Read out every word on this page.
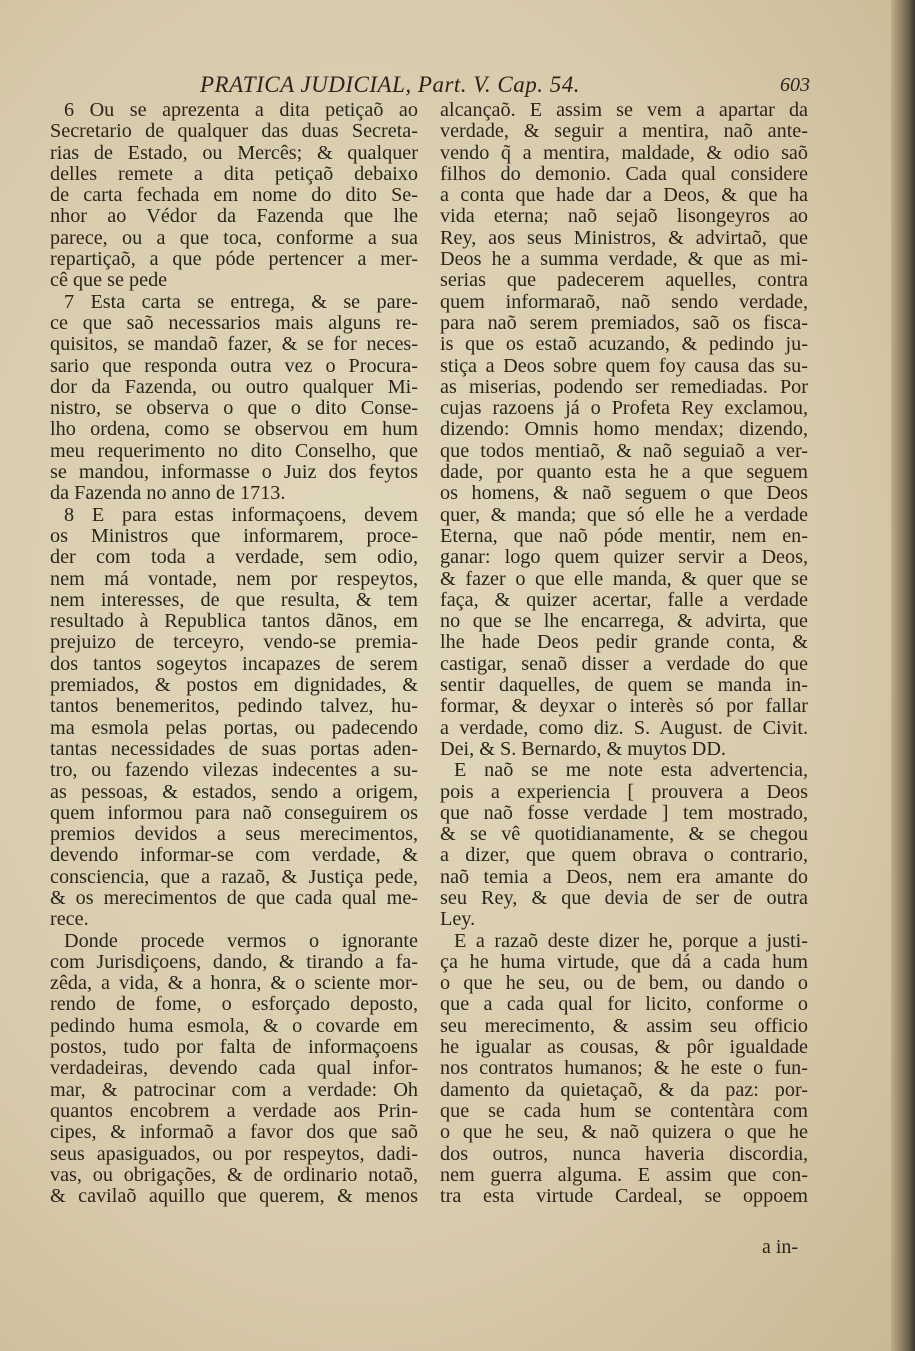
PRATICA JUDICIAL, Part. V. Cap. 54.	603
6 Ou se aprezenta a dita petiçaõ ao
Secretario de qualquer das duas Secreta-
rias de Estado, ou Mercês; & qualquer
delles remete a dita petiçaõ debaixo
de carta fechada em nome do dito Se-
nhor ao Védor da Fazenda que lhe
parece, ou a que toca, conforme a sua
repartiçaõ, a que póde pertencer a mer-
cê que se pede
7 Esta carta se entrega, & se pare-
ce que saõ necessarios mais alguns re-
quisitos, se mandaõ fazer, & se for neces-
sario que responda outra vez o Procura-
dor da Fazenda, ou outro qualquer Mi-
nistro, se observa o que o dito Conse-
lho ordena, como se observou em hum
meu requerimento no dito Conselho, que
se mandou, informasse o Juiz dos feytos
da Fazenda no anno de 1713.
8 E para estas informaçoens, devem
os Ministros que informarem, proce-
der com toda a verdade, sem odio,
nem má vontade, nem por respeytos,
nem interesses, de que resulta, & tem
resultado à Republica tantos dãnos, em
prejuizo de terceyro, vendo-se premia-
dos tantos sogeytos incapazes de serem
premiados, & postos em dignidades, &
tantos benemeritos, pedindo talvez, hu-
ma esmola pelas portas, ou padecendo
tantas necessidades de suas portas aden-
tro, ou fazendo vilezas indecentes a su-
as pessoas, & estados, sendo a origem,
quem informou para naõ conseguirem os
premios devidos a seus merecimentos,
devendo informar-se com verdade, &
consciencia, que a razaõ, & Justiça pede,
& os merecimentos de que cada qual me-
rece.
Donde procede vermos o ignorante
com Jurisdiçoens, dando, & tirando a fa-
zêda, a vida, & a honra, & o sciente mor-
rendo de fome, o esforçado deposto,
pedindo huma esmola, & o covarde em
postos, tudo por falta de informaçoens
verdadeiras, devendo cada qual infor-
mar, & patrocinar com a verdade: Oh
quantos encobrem a verdade aos Prin-
cipes, & informaõ a favor dos que saõ
seus apasiguados, ou por respeytos, dadi-
vas, ou obrigações, & de ordinario notaõ,
& cavilaõ aquillo que querem, & menos
alcançaõ. E assim se vem a apartar da
verdade, & seguir a mentira, naõ ante-
vendo q̃ a mentira, maldade, & odio saõ
filhos do demonio. Cada qual considere
a conta que hade dar a Deos, & que ha
vida eterna; naõ sejaõ lisongeyros ao
Rey, aos seus Ministros, & advirtaõ, que
Deos he a summa verdade, & que as mi-
serias que padecerem aquelles, contra
quem informaraõ, naõ sendo verdade,
para naõ serem premiados, saõ os fisca-
is que os estaõ acuzando, & pedindo ju-
stiça a Deos sobre quem foy causa das su-
as miserias, podendo ser remediadas. Por
cujas razoens já o Profeta Rey exclamou,
dizendo: Omnis homo mendax; dizendo,
que todos mentiaõ, & naõ seguiaõ a ver-
dade, por quanto esta he a que seguem
os homens, & naõ seguem o que Deos
quer, & manda; que só elle he a verdade
Eterna, que naõ póde mentir, nem en-
ganar: logo quem quizer servir a Deos,
& fazer o que elle manda, & quer que se
faça, & quizer acertar, falle a verdade
no que se lhe encarrega, & advirta, que
lhe hade Deos pedir grande conta, &
castigar, senaõ disser a verdade do que
sentir daquelles, de quem se manda in-
formar, & deyxar o interès só por fallar
a verdade, como diz. S. August. de Civit.
Dei, & S. Bernardo, & muytos DD.
E naõ se me note esta advertencia,
pois a experiencia [ prouvera a Deos
que naõ fosse verdade ] tem mostrado,
& se vê quotidianamente, & se chegou
a dizer, que quem obrava o contrario,
naõ temia a Deos, nem era amante do
seu Rey, & que devia de ser de outra
Ley.
E a razaõ deste dizer he, porque a justi-
ça he huma virtude, que dá a cada hum
o que he seu, ou de bem, ou dando o
que a cada qual for licito, conforme o
seu merecimento, & assim seu officio
he igualar as cousas, & pôr igualdade
nos contratos humanos; & he este o fun-
damento da quietaçaõ, & da paz: por-
que se cada hum se contentàra com
o que he seu, & naõ quizera o que he
dos outros, nunca haveria discordia,
nem guerra alguma. E assim que con-
tra esta virtude Cardeal, se oppoem
a in-
